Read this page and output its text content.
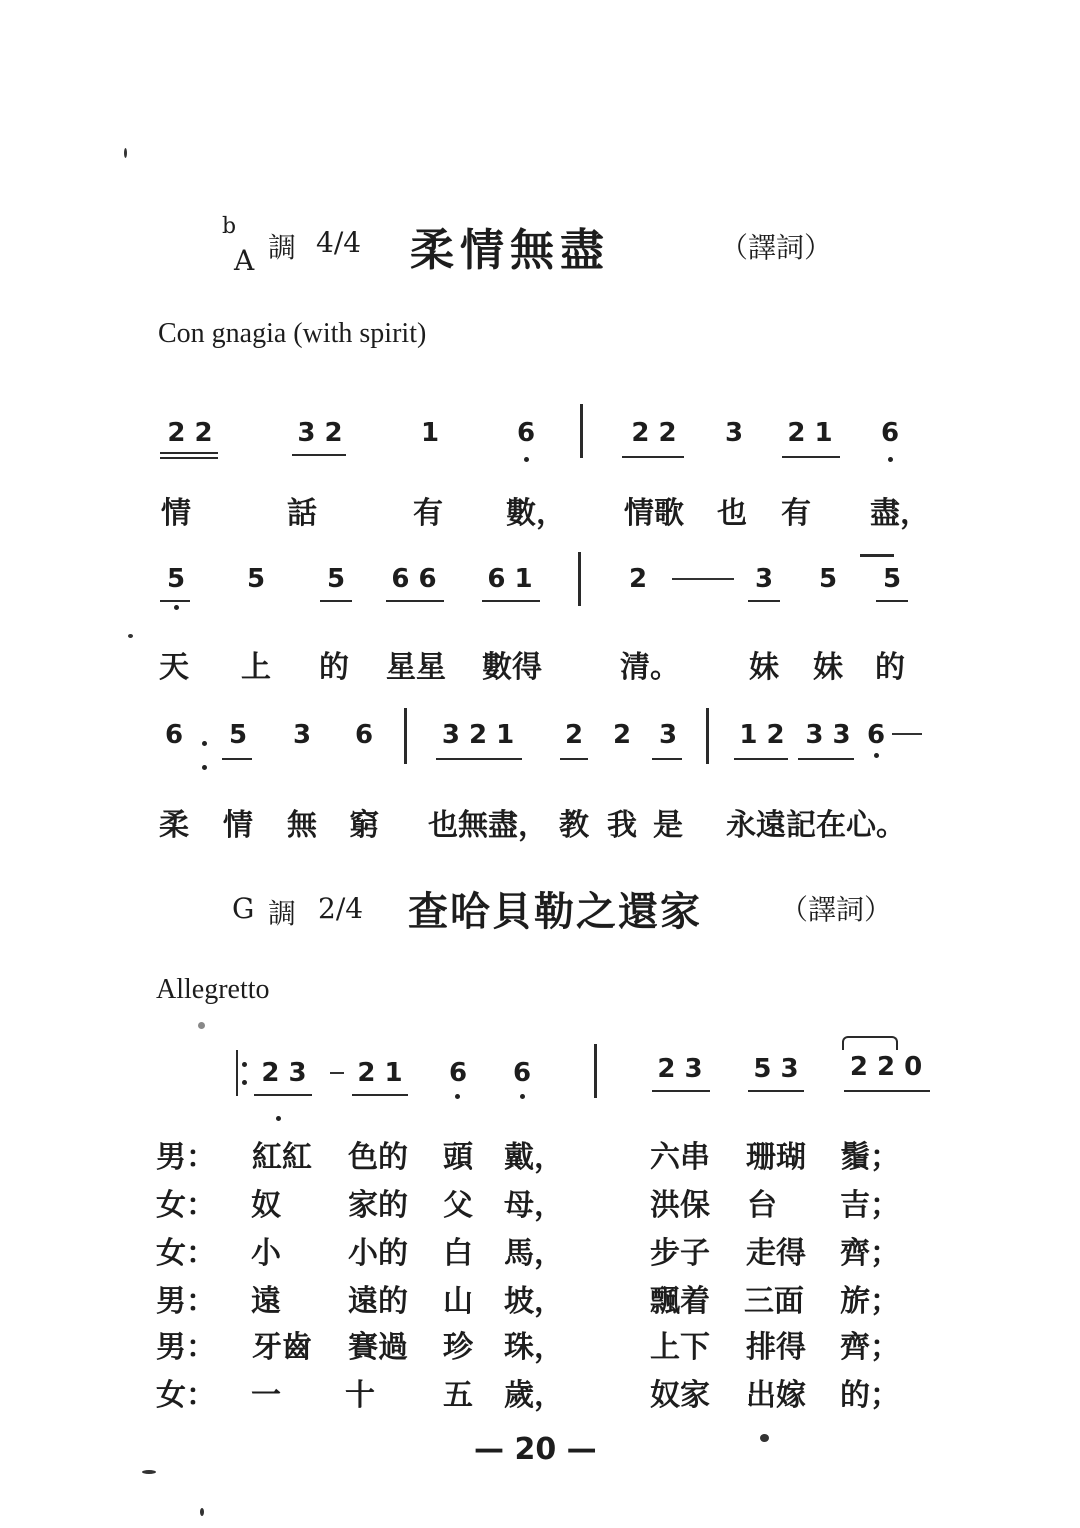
b
A 調 4/4 柔情無盡	（譯詞）
Con gnagia (with spirit)
2 2	3 2	1	6	2 2 3 2 1 6
情	話	有 數， 情歌 也 有 盡，
5 5 5 6 6 6 1	2	3 5 5
天 上 的 星星 數得	清。 妹 妹 的
6 5 3 6	3 2 1 2 2 3 1 2 3 3 6
柔 情 無 窮 也無盡， 教 我 是 永遠記在心。
G 調 2/4 查哈貝勒之還家	（譯詞）
Allegretto
2 3 2 1 6 6	2 3 5 3 2 2 0
男： 紅紅 色的 頭 戴，	六串 珊瑚 鬚；
女： 奴 家的 父 母，	洪保 台 吉；
女： 小 小的 白 馬，	步子 走得 齊；
男： 遠 遠的 山 坡，	飄着 三面 旂；
男： 牙齒 賽過 珍 珠，	上下 排得 齊；
女： 一 十 五 歲，	奴家 出嫁 的；
— 20 —
